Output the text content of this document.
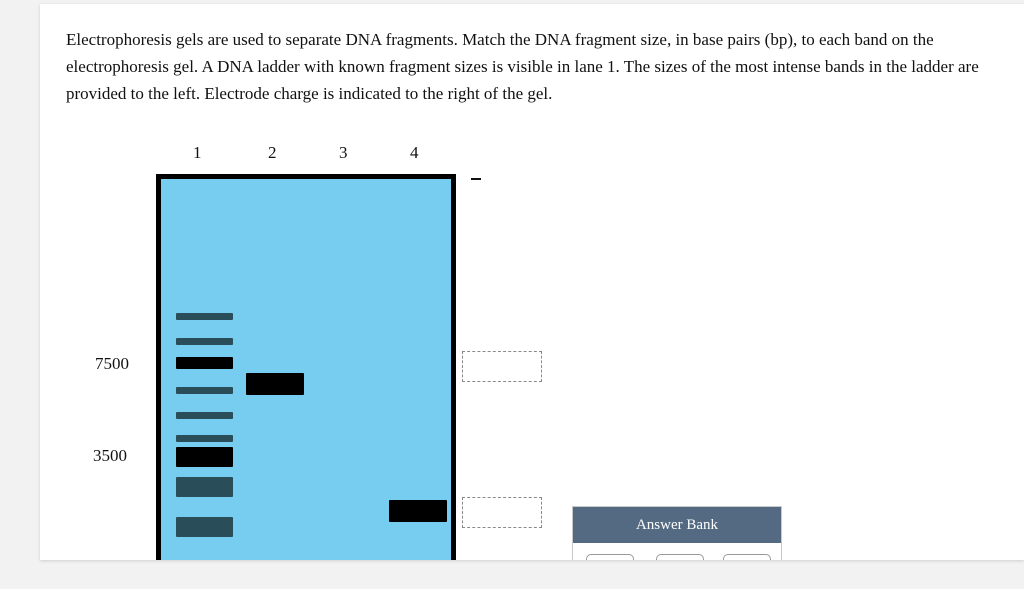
Electrophoresis gels are used to separate DNA fragments. Match the DNA fragment size, in base pairs (bp), to each band on the electrophoresis gel. A DNA ladder with known fragment sizes is visible in lane 1. The sizes of the most intense bands in the ladder are provided to the left. Electrode charge is indicated to the right of the gel.

1	2	3	4
7500
3500
Answer Bank
